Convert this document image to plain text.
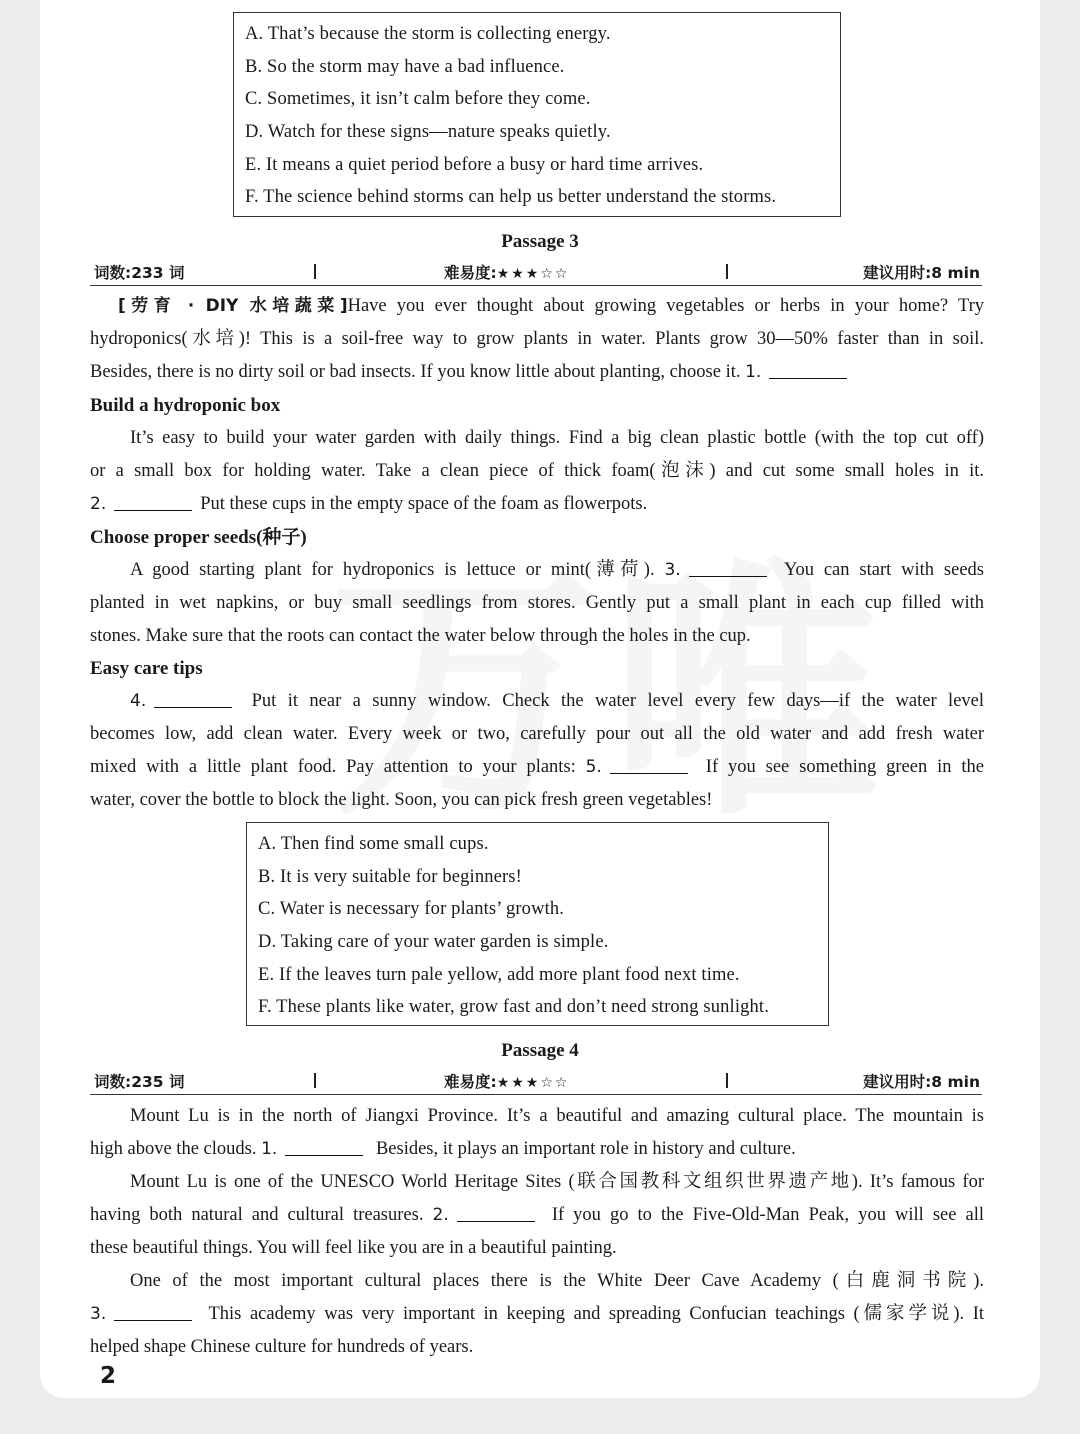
A. That’s because the storm is collecting energy.
B. So the storm may have a bad influence.
C. Sometimes, it isn’t calm before they come.
D. Watch for these signs—nature speaks quietly.
E. It means a quiet period before a busy or hard time arrives.
F. The science behind storms can help us better understand the storms.
Passage 3
词数:233 词	难易度:★★★☆☆	建议用时:8 min
[劳育 · DIY 水培蔬菜]Have you ever thought about growing vegetables or herbs in your home? Try
hydroponics(水培)! This is a soil-free way to grow plants in water. Plants grow 30—50% faster than in soil.
Besides, there is no dirty soil or bad insects. If you know little about planting, choose it. 1.
Build a hydroponic box
It’s easy to build your water garden with daily things. Find a big clean plastic bottle (with the top cut off)
or a small box for holding water. Take a clean piece of thick foam(泡沫) and cut some small holes in it.
2.	Put these cups in the empty space of the foam as flowerpots.
Choose proper seeds(种子)
A good starting plant for hydroponics is lettuce or mint(薄荷). 3.	You can start with seeds
planted in wet napkins, or buy small seedlings from stores. Gently put a small plant in each cup filled with
stones. Make sure that the roots can contact the water below through the holes in the cup.
Easy care tips
4.	Put it near a sunny window. Check the water level every few days—if the water level
becomes low, add clean water. Every week or two, carefully pour out all the old water and add fresh water
mixed with a little plant food. Pay attention to your plants: 5.	If you see something green in the
water, cover the bottle to block the light. Soon, you can pick fresh green vegetables!
A. Then find some small cups.
B. It is very suitable for beginners!
C. Water is necessary for plants’ growth.
D. Taking care of your water garden is simple.
E. If the leaves turn pale yellow, add more plant food next time.
F. These plants like water, grow fast and don’t need strong sunlight.
Passage 4
词数:235 词	难易度:★★★☆☆	建议用时:8 min
Mount Lu is in the north of Jiangxi Province. It’s a beautiful and amazing cultural place. The mountain is
high above the clouds. 1.	Besides, it plays an important role in history and culture.
Mount Lu is one of the UNESCO World Heritage Sites (联合国教科文组织世界遗产地). It’s famous for
having both natural and cultural treasures. 2.	If you go to the Five-Old-Man Peak, you will see all
these beautiful things. You will feel like you are in a beautiful painting.
One of the most important cultural places there is the White Deer Cave Academy (白鹿洞书院).
3.	This academy was very important in keeping and spreading Confucian teachings (儒家学说). It
helped shape Chinese culture for hundreds of years.
2
